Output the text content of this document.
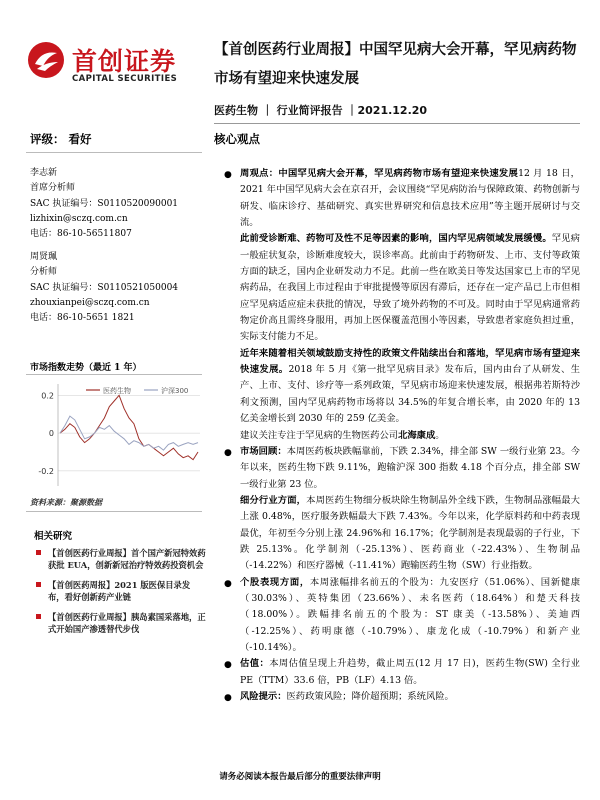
首创证券
CAPITAL SECURITIES
【首创医药行业周报】中国罕见病大会开幕，罕见病药物市场有望迎来快速发展
医药生物 ｜ 行业简评报告 ｜2021.12.20
评级： 看好	核心观点
李志新
首席分析师
SAC 执证编号：S0110520090001
lizhixin@sczq.com.cn
电话：86-10-56511807
周贤珮
分析师
SAC 执证编号：S0110521050004
zhouxianpei@sczq.com.cn
电话：86-10-5651 1821
市场指数走势（最近 1 年）
0.2
0
-0.2
医药生物	沪深300
资料来源：聚源数据
相关研究
【首创医药行业周报】首个国产新冠特效药获批 EUA，创新新冠治疗特效药投资机会
【首创医药周报】2021 版医保目录发布，看好创新药产业链
【首创医药行业周报】胰岛素国采落地，正式开始国产渗透替代步伐
● 周观点：中国罕见病大会开幕，罕见病药物市场有望迎来快速发展12 月 18 日，2021 年中国罕见病大会在京召开，会议围绕“罕见病防治与保障政策、药物创新与研发、临床诊疗、基础研究、真实世界研究和信息技术应用”等主题开展研讨与交流。
此前受诊断难、药物可及性不足等因素的影响，国内罕见病领域发展缓慢。罕见病一般症状复杂，诊断难度较大，误诊率高。此前由于药物研发、上市、支付等政策方面的缺乏，国内企业研发动力不足。此前一些在欧美日等发达国家已上市的罕见病药品，在我国上市过程由于审批提慢等原因有滞后，还存在一定产品已上市但相应罕见病适应症未获批的情况，导致了境外药物的不可及。同时由于罕见病通常药物定价高且需终身服用，再加上医保覆盖范围小等因素，导致患者家庭负担过重，实际支付能力不足。
近年来随着相关领域鼓励支持性的政策文件陆续出台和落地，罕见病市场有望迎来快速发展。2018 年 5 月《第一批罕见病目录》发布后，国内由台了从研发、生产、上市、支付、诊疗等一系列政策，罕见病市场迎来快速发展，根据弗若斯特沙利文预测，国内罕见病药物市场将以 34.5%的年复合增长率，由 2020 年的 13 亿美金增长到 2030 年的 259 亿美金。
建议关注专注于罕见病的生物医药公司北海康成。
● 市场回顾：本周医药板块跌幅靠前，下跌 2.34%，排全部 SW 一级行业第 23。今年以来，医药生物下跌 9.11%，跑输沪深 300 指数 4.18 个百分点，排全部 SW 一级行业第 23 位。
细分行业方面，本周医药生物细分板块除生物制品外全线下跌，生物制品涨幅最大上涨 0.48%，医疗服务跌幅最大下跌 7.43%。今年以来，化学原料药和中药表现最优，年初至今分别上涨 24.96%和 16.17%；化学制剂是表现最弱的子行业，下跌 25.13%。化学制剂（-25.13%）、医药商业（-22.43%）、生物制品（-14.22%）和医疗器械（-11.41%）跑输医药生物（SW）行业指数。
● 个股表现方面，本周涨幅排名前五的个股为：九安医疗（51.06%）、国新健康（30.03%）、英特集团（23.66%）、未名医药（18.64%）和楚天科技（18.00%）。跌幅排名前五的个股为：ST 康美（-13.58%）、美迪西（-12.25%）、药明康德（-10.79%）、康龙化成（-10.79%）和新产业（-10.14%）。
● 估值：本周估值呈现上升趋势，截止周五(12 月 17 日)，医药生物(SW) 全行业 PE（TTM）33.6 倍，PB（LF）4.13 倍。
● 风险提示：医药政策风险；降价超预期；系统风险。
请务必阅读本报告最后部分的重要法律声明
